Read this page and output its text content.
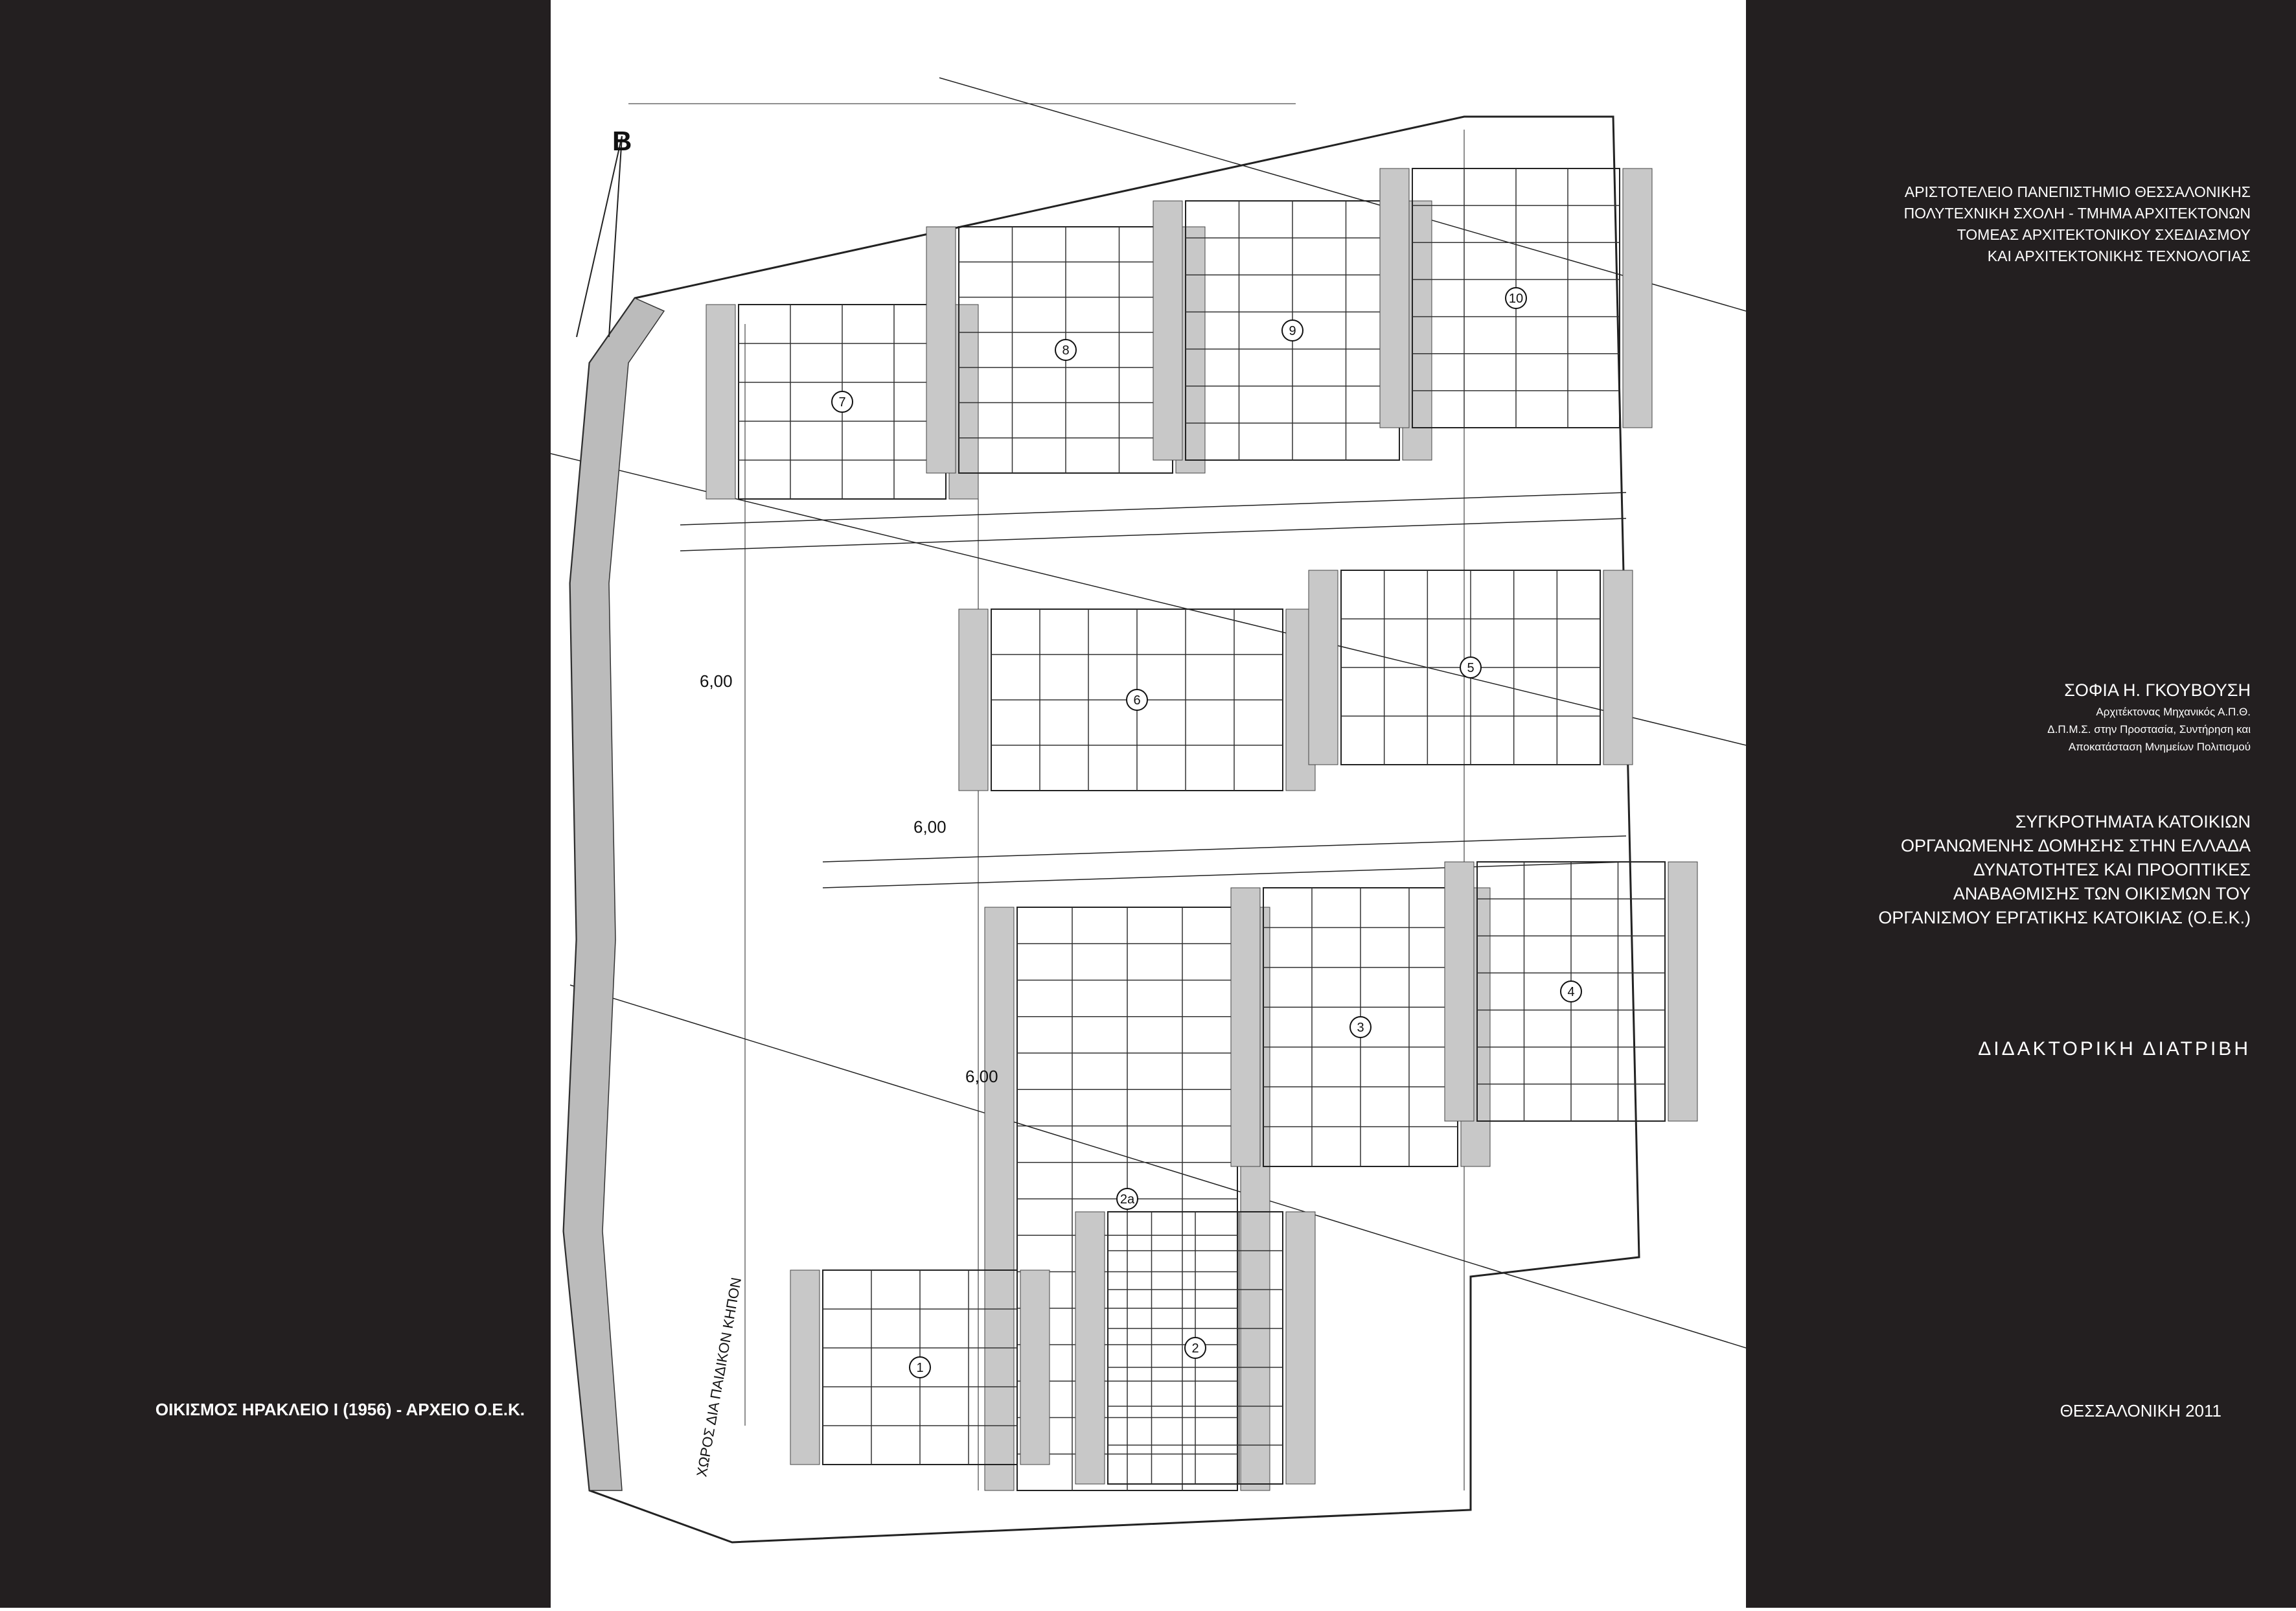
ΟΙΚΙΣΜΟΣ ΗΡΑΚΛΕΙΟ Ι (1956) - ΑΡΧΕΙΟ Ο.Ε.Κ.
7
8
9
10
6
5
2a
3
4
1
2
Β
6,00
6,00
6,00
ΧΩΡΟΣ ΔΙΑ ΠΑΙΔΙΚΟΝ ΚΗΠΟΝ
ΑΡΙΣΤΟΤΕΛΕΙΟ ΠΑΝΕΠΙΣΤΗΜΙΟ ΘΕΣΣΑΛΟΝΙΚΗΣ
ΠΟΛΥΤΕΧΝΙΚΗ ΣΧΟΛΗ - ΤΜΗΜΑ ΑΡΧΙΤΕΚΤΟΝΩΝ
ΤΟΜΕΑΣ ΑΡΧΙΤΕΚΤΟΝΙΚΟΥ ΣΧΕΔΙΑΣΜΟΥ
ΚΑΙ ΑΡΧΙΤΕΚΤΟΝΙΚΗΣ ΤΕΧΝΟΛΟΓΙΑΣ
ΣΟΦΙΑ Η. ΓΚΟΥΒΟΥΣΗ
Αρχιτέκτονας Μηχανικός Α.Π.Θ.
Δ.Π.Μ.Σ. στην Προστασία, Συντήρηση και
Αποκατάσταση Μνημείων Πολιτισμού
ΣΥΓΚΡΟΤΗΜΑΤΑ ΚΑΤΟΙΚΙΩΝ
ΟΡΓΑΝΩΜΕΝΗΣ ΔΟΜΗΣΗΣ ΣΤΗΝ ΕΛΛΑΔΑ
ΔΥΝΑΤΟΤΗΤΕΣ ΚΑΙ ΠΡΟΟΠΤΙΚΕΣ
ΑΝΑΒΑΘΜΙΣΗΣ ΤΩΝ ΟΙΚΙΣΜΩΝ ΤΟΥ
ΟΡΓΑΝΙΣΜΟΥ ΕΡΓΑΤΙΚΗΣ ΚΑΤΟΙΚΙΑΣ (Ο.Ε.Κ.)
ΔΙΔΑΚΤΟΡΙΚΗ ΔΙΑΤΡΙΒΗ
ΘΕΣΣΑΛΟΝΙΚΗ 2011
